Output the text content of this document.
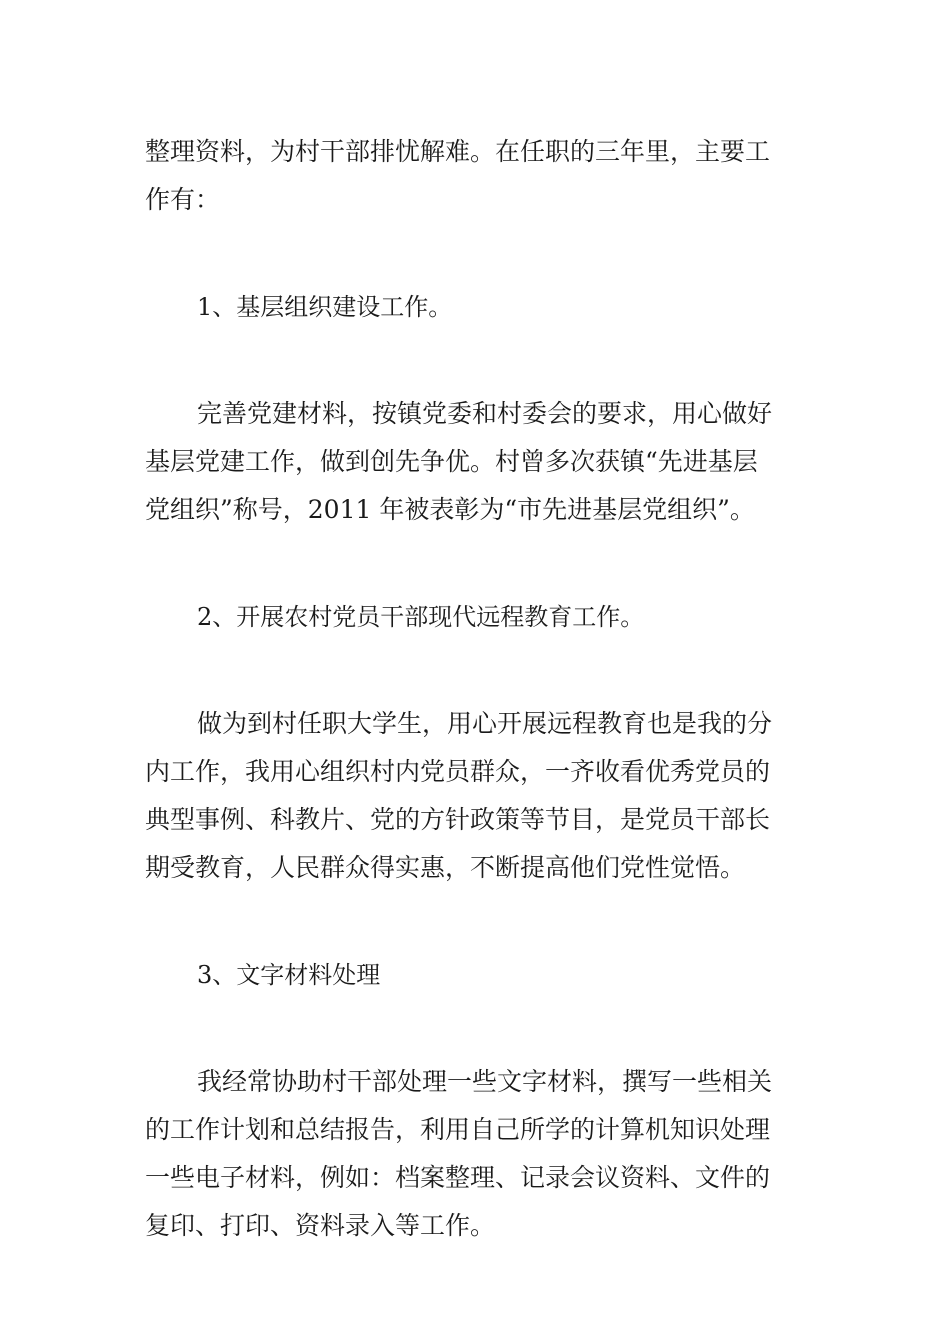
整理资料，为村干部排忧解难。在任职的三年里，主要工
作有：

1、基层组织建设工作。

完善党建材料，按镇党委和村委会的要求，用心做好
基层党建工作，做到创先争优。村曾多次获镇“先进基层
党组织”称号，2011 年被表彰为“市先进基层党组织”。

2、开展农村党员干部现代远程教育工作。

做为到村任职大学生，用心开展远程教育也是我的分
内工作，我用心组织村内党员群众，一齐收看优秀党员的
典型事例、科教片、党的方针政策等节目，是党员干部长
期受教育，人民群众得实惠，不断提高他们党性觉悟。

3、文字材料处理

我经常协助村干部处理一些文字材料，撰写一些相关
的工作计划和总结报告，利用自己所学的计算机知识处理
一些电子材料，例如：档案整理、记录会议资料、文件的
复印、打印、资料录入等工作。
